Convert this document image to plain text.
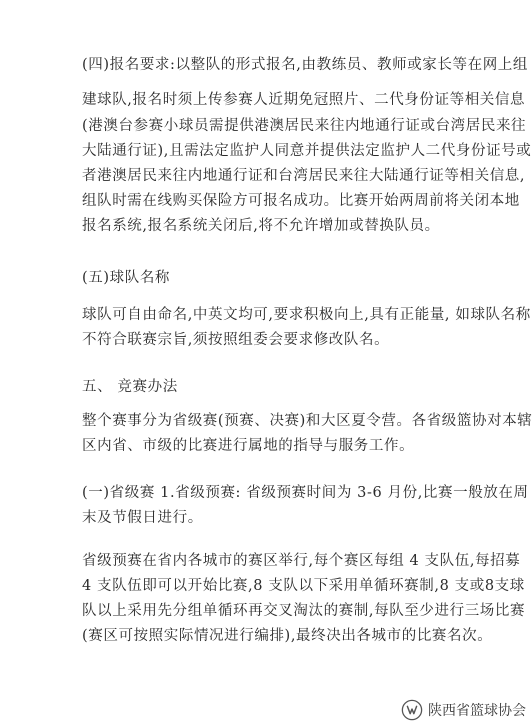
(四)报名要求:以整队的形式报名,由教练员、教师或家长等在网上组
建球队,报名时须上传参赛人近期免冠照片、二代身份证等相关信息
(港澳台参赛小球员需提供港澳居民来往内地通行证或台湾居民来往
大陆通行证),且需法定监护人同意并提供法定监护人二代身份证号或
者港澳居民来往内地通行证和台湾居民来往大陆通行证等相关信息,
组队时需在线购买保险方可报名成功。比赛开始两周前将关闭本地
报名系统,报名系统关闭后,将不允许增加或替换队员。
(五)球队名称
球队可自由命名,中英文均可,要求积极向上,具有正能量, 如球队名称
不符合联赛宗旨,须按照组委会要求修改队名。
五、 竞赛办法
整个赛事分为省级赛(预赛、决赛)和大区夏令营。各省级篮协对本辖
区内省、市级的比赛进行属地的指导与服务工作。
(一)省级赛 1.省级预赛: 省级预赛时间为 3-6 月份,比赛一般放在周
末及节假日进行。
省级预赛在省内各城市的赛区举行,每个赛区每组 4 支队伍,每招募
4 支队伍即可以开始比赛,8 支队以下采用单循环赛制,8 支或8支球
队以上采用先分组单循环再交叉淘汰的赛制,每队至少进行三场比赛
(赛区可按照实际情况进行编排),最终决出各城市的比赛名次。
陕西省篮球协会
